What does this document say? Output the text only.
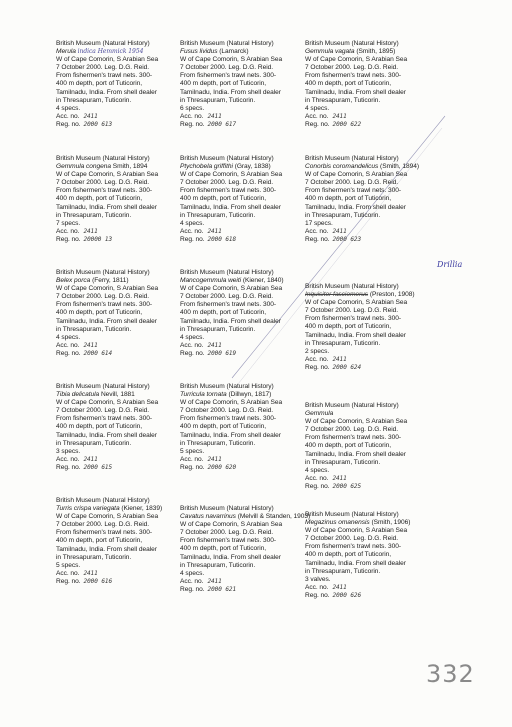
British Museum (Natural History)
Merula indica Hemmick 1954
W of Cape Comorin, S Arabian Sea
7 October 2000. Leg. D.G. Reid.
From fishermen's trawl nets. 300-
400 m depth, port of Tuticorin,
Tamilnadu, India. From shell dealer
in Thresapuram, Tuticorin.
4 specs.
Acc. no. 2411
Reg. no. 2000 613
British Museum (Natural History)
Gemmula congena Smith, 1894
W of Cape Comorin, S Arabian Sea
7 October 2000. Leg. D.G. Reid.
From fishermen's trawl nets. 300-
400 m depth, port of Tuticorin,
Tamilnadu, India. From shell dealer
in Thresapuram, Tuticorin.
7 specs.
Acc. no. 2411
Reg. no. 20000 13
British Museum (Natural History)
Belex porca (Ferry, 1811)
W of Cape Comorin, S Arabian Sea
7 October 2000. Leg. D.G. Reid.
From fishermen's trawl nets. 300-
400 m depth, port of Tuticorin,
Tamilnadu, India. From shell dealer
in Thresapuram, Tuticorin.
4 specs.
Acc. no. 2411
Reg. no. 2000 614
British Museum (Natural History)
Tibia delicatula Nevill, 1881
W of Cape Comorin, S Arabian Sea
7 October 2000. Leg. D.G. Reid.
From fishermen's trawl nets. 300-
400 m depth, port of Tuticorin,
Tamilnadu, India. From shell dealer
in Thresapuram, Tuticorin.
3 specs.
Acc. no. 2411
Reg. no. 2000 615
British Museum (Natural History)
Turris crispa variegata (Kiener, 1839)
W of Cape Comorin, S Arabian Sea
7 October 2000. Leg. D.G. Reid.
From fishermen's trawl nets. 300-
400 m depth, port of Tuticorin,
Tamilnadu, India. From shell dealer
in Thresapuram, Tuticorin.
5 specs.
Acc. no. 2411
Reg. no. 2000 616
British Museum (Natural History)
Fusus lividus (Lamarck)
W of Cape Comorin, S Arabian Sea
7 October 2000. Leg. D.G. Reid.
From fishermen's trawl nets. 300-
400 m depth, port of Tuticorin,
Tamilnadu, India. From shell dealer
in Thresapuram, Tuticorin.
6 specs.
Acc. no. 2411
Reg. no. 2000 617
British Museum (Natural History)
Ptychobela griffithi (Gray, 1838)
W of Cape Comorin, S Arabian Sea
7 October 2000. Leg. D.G. Reid.
From fishermen's trawl nets. 300-
400 m depth, port of Tuticorin,
Tamilnadu, India. From shell dealer
in Thresapuram, Tuticorin.
4 specs.
Acc. no. 2411
Reg. no. 2000 618
British Museum (Natural History)
Mancogemmula weiti (Kiener, 1840)
W of Cape Comorin, S Arabian Sea
7 October 2000. Leg. D.G. Reid.
From fishermen's trawl nets. 300-
400 m depth, port of Tuticorin,
Tamilnadu, India. From shell dealer
in Thresapuram, Tuticorin.
4 specs.
Acc. no. 2411
Reg. no. 2000 619
British Museum (Natural History)
Turricula tornata (Dillwyn, 1817)
W of Cape Comorin, S Arabian Sea
7 October 2000. Leg. D.G. Reid.
From fishermen's trawl nets. 300-
400 m depth, port of Tuticorin,
Tamilnadu, India. From shell dealer
in Thresapuram, Tuticorin.
5 specs.
Acc. no. 2411
Reg. no. 2000 620
British Museum (Natural History)
Cavatus navarrinus (Melvill & Standen, 1903)
W of Cape Comorin, S Arabian Sea
7 October 2000. Leg. D.G. Reid.
From fishermen's trawl nets. 300-
400 m depth, port of Tuticorin,
Tamilnadu, India. From shell dealer
in Thresapuram, Tuticorin.
4 specs.
Acc. no. 2411
Reg. no. 2000 621
British Museum (Natural History)
Gemmula vagata (Smith, 1895)
W of Cape Comorin, S Arabian Sea
7 October 2000. Leg. D.G. Reid.
From fishermen's trawl nets. 300-
400 m depth, port of Tuticorin,
Tamilnadu, India. From shell dealer
in Thresapuram, Tuticorin.
4 specs.
Acc. no. 2411
Reg. no. 2000 622
British Museum (Natural History)
Conorbis coromandelicus (Smith, 1894)
W of Cape Comorin, S Arabian Sea
7 October 2000. Leg. D.G. Reid.
From fishermen's trawl nets. 300-
400 m depth, port of Tuticorin,
Tamilnadu, India. From shell dealer
in Thresapuram, Tuticorin.
17 specs.
Acc. no. 2411
Reg. no. 2000 623
British Museum (Natural History)
Inquisitor fasciomerus (Preston, 1908)
W of Cape Comorin, S Arabian Sea
7 October 2000. Leg. D.G. Reid.
From fishermen's trawl nets. 300-
400 m depth, port of Tuticorin,
Tamilnadu, India. From shell dealer
in Thresapuram, Tuticorin.
2 specs.
Acc. no. 2411
Reg. no. 2000 624
British Museum (Natural History)
Gemmula
W of Cape Comorin, S Arabian Sea
7 October 2000. Leg. D.G. Reid.
From fishermen's trawl nets. 300-
400 m depth, port of Tuticorin,
Tamilnadu, India. From shell dealer
in Thresapuram, Tuticorin.
4 specs.
Acc. no. 2411
Reg. no. 2000 625
British Museum (Natural History)
Megazinus omanensis (Smith, 1906)
W of Cape Comorin, S Arabian Sea
7 October 2000. Leg. D.G. Reid.
From fishermen's trawl nets. 300-
400 m depth, port of Tuticorin,
Tamilnadu, India. From shell dealer
in Thresapuram, Tuticorin.
3 valves.
Acc. no. 2411
Reg. no. 2000 626
Drillia
332
